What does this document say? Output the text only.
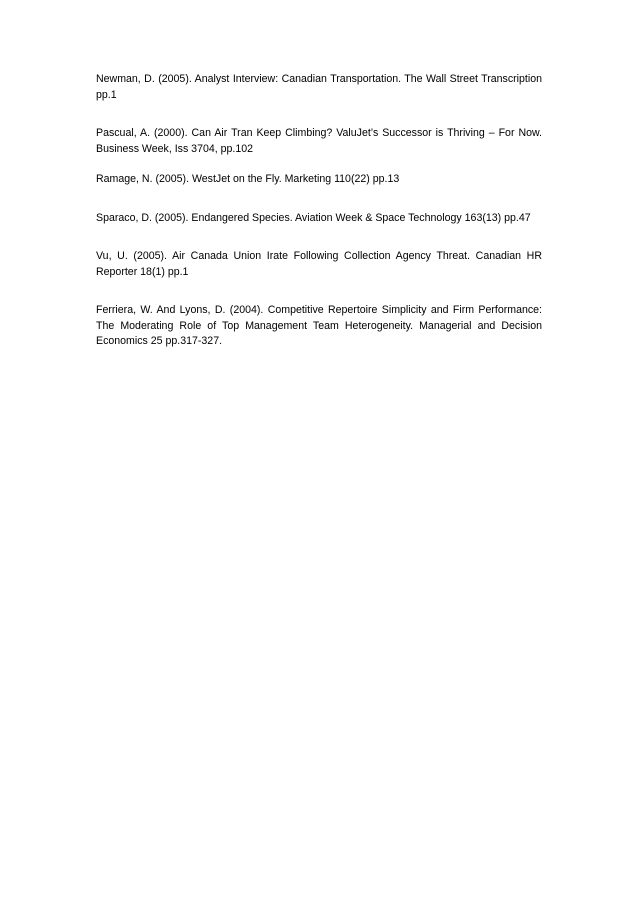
Newman, D. (2005). Analyst Interview: Canadian Transportation. The Wall Street Transcription pp.1
Pascual, A. (2000). Can Air Tran Keep Climbing? ValuJet’s Successor is Thriving – For Now. Business Week, Iss 3704, pp.102
Ramage, N. (2005). WestJet on the Fly. Marketing 110(22) pp.13
Sparaco, D. (2005). Endangered Species. Aviation Week & Space Technology 163(13) pp.47
Vu, U. (2005). Air Canada Union Irate Following Collection Agency Threat. Canadian HR Reporter 18(1) pp.1
Ferriera, W. And Lyons, D. (2004). Competitive Repertoire Simplicity and Firm Performance: The Moderating Role of Top Management Team Heterogeneity. Managerial and Decision Economics 25 pp.317-327.
